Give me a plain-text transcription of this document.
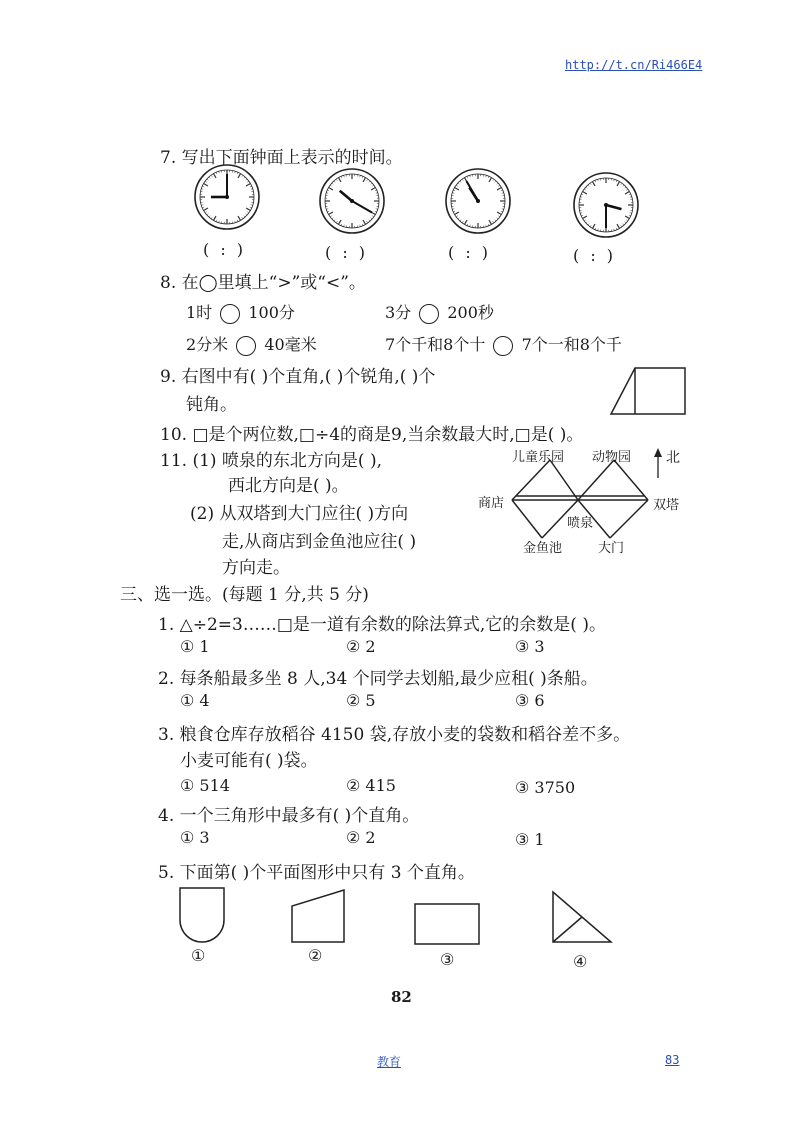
http://t.cn/Ri466E4
7. 写出下面钟面上表示的时间。
( : )	( : )	( : )	( : )
8. 在◯里填上“>”或“<”。
1时 100分	3分 200秒
2分米 40毫米	7个千和8个十 7个一和8个千
9. 右图中有( )个直角,( )个锐角,( )个
钝角。
10. □是个两位数,□÷4的商是9,当余数最大时,□是( )。
11. (1) 喷泉的东北方向是( ),
西北方向是( )。
(2) 从双塔到大门应往( )方向
走,从商店到金鱼池应往( )
方向走。
北
儿童乐园 动物园
商店	双塔
喷泉
金鱼池	大门
三、选一选。(每题 1 分,共 5 分)
1. △÷2=3……□是一道有余数的除法算式,它的余数是( )。
① 1	② 2	③ 3
2. 每条船最多坐 8 人,34 个同学去划船,最少应租( )条船。
① 4	② 5	③ 6
3. 粮食仓库存放稻谷 4150 袋,存放小麦的袋数和稻谷差不多。
小麦可能有( )袋。
① 514	② 415	③ 3750
4. 一个三角形中最多有( )个直角。
① 3	② 2	③ 1
5. 下面第( )个平面图形中只有 3 个直角。
①	②	③	④
82
教育	83
